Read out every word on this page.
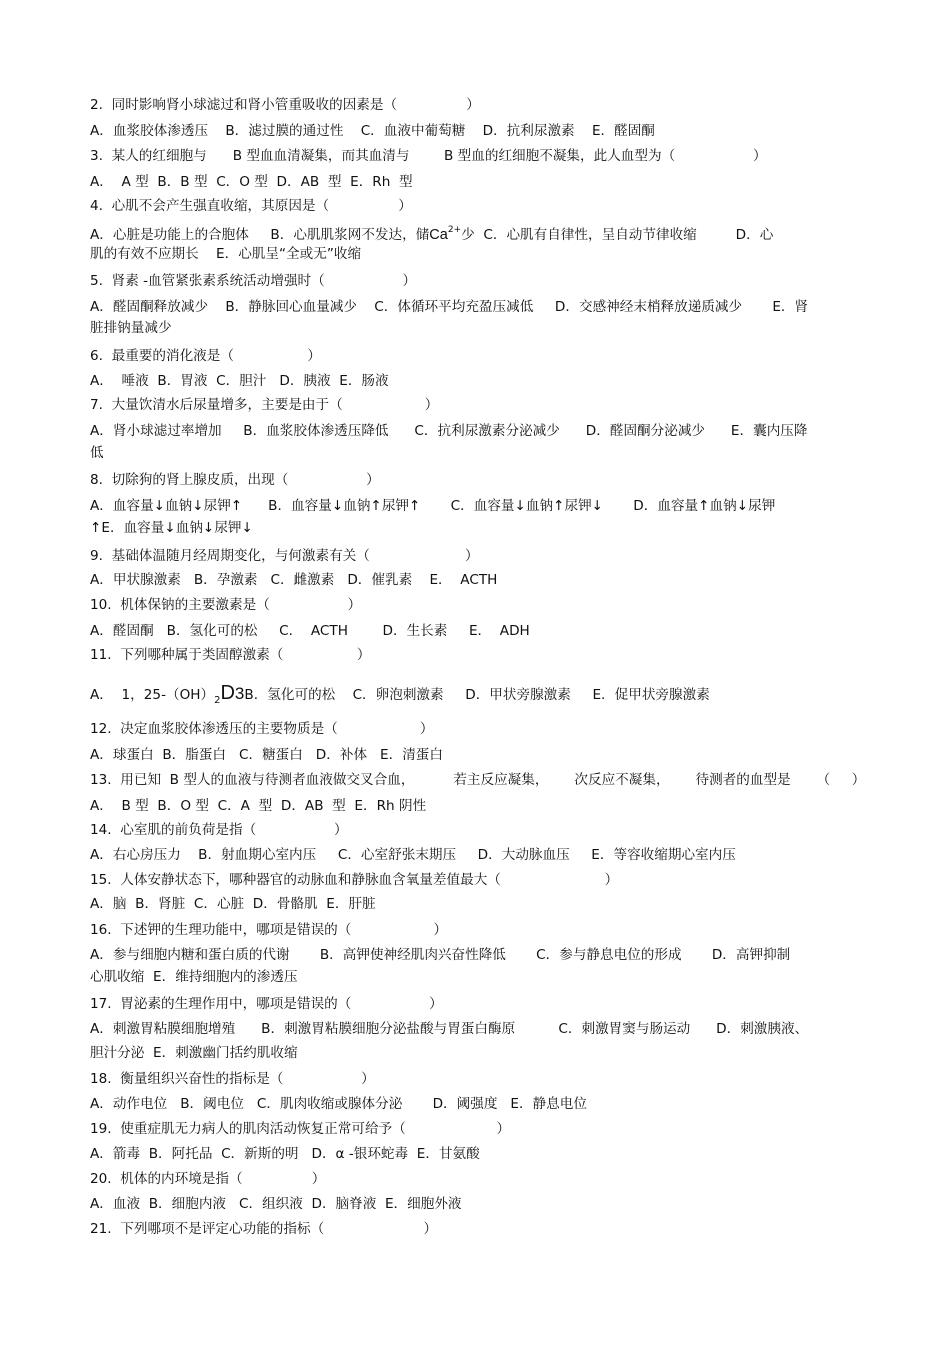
2.  同时影响肾小球滤过和肾小管重吸收的因素是（                ）
A．血浆胶体渗透压    B．滤过膜的通过性    C．血液中葡萄糖    D．抗利尿激素    E．醛固酮
3.  某人的红细胞与      B 型血血清凝集，而其血清与        B 型血的红细胞不凝集，此人血型为（                  ）
A．  A 型  B．B 型  C．O 型  D．AB  型  E．Rh  型
4.  心肌不会产生强直收缩，其原因是（                ）
A．心脏是功能上的合胞体     B．心肌肌浆网不发达，储$Ca^{2+}$少  C．心肌有自律性，呈自动节律收缩         D．心
肌的有效不应期长    E．心肌呈“全或无”收缩
5.  肾素 -血管紧张素系统活动增强时（                  ）
A．醛固酮释放减少    B．静脉回心血量减少    C．体循环平均充盈压减低     D．交感神经末梢释放递质减少       E．肾
脏排钠量减少
6.  最重要的消化液是（                 ）
A．  唾液  B．胃液  C．胆汁   D．胰液  E．肠液
7.  大量饮清水后尿量增多，主要是由于（                   ）
A．肾小球滤过率增加     B．血浆胶体渗透压降低      C．抗利尿激素分泌减少      D．醛固酮分泌减少      E．囊内压降
低
8.  切除狗的肾上腺皮质，出现（                  ）
A．血容量↓血钠↓尿钾↑      B．血容量↓血钠↑尿钾↑       C．血容量↓血钠↑尿钾↓       D．血容量↑血钠↓尿钾
↑E．血容量↓血钠↓尿钾↓
9.  基础体温随月经周期变化，与何激素有关（                      ）
A．甲状腺激素   B．孕激素   C．雌激素   D．催乳素    E．  ACTH
10.  机体保钠的主要激素是（                  ）
A．醛固酮   B．氢化可的松     C．  ACTH        D．生长素     E．  ADH
11.  下列哪种属于类固醇激素（                 ）
A．  1，$25-(OH)_2D3B$．氢化可的松    C．卵泡刺激素     D．甲状旁腺激素     E．促甲状旁腺激素
12.  决定血浆胶体渗透压的主要物质是（                   ）
A．球蛋白  B．脂蛋白   C．糖蛋白   D．补体   E．清蛋白
13.  用已知  B 型人的血液与待测者血液做交叉合血，         若主反应凝集，      次反应不凝集，      待测者的血型是      （     ）
A．  B 型  B．O 型  C．A  型  D．AB  型  E．Rh 阴性
14.  心室肌的前负荷是指（                  ）
A．右心房压力    B．射血期心室内压     C．心室舒张末期压     D．大动脉血压     E．等容收缩期心室内压
15.  人体安静状态下，哪种器官的动脉血和静脉血含氧量差值最大（                        ）
A．脑  B．肾脏  C．心脏  D．骨骼肌  E．肝脏
16.  下述钾的生理功能中，哪项是错误的（                   ）
A．参与细胞内糖和蛋白质的代谢       B．高钾使神经肌肉兴奋性降低       C．参与静息电位的形成       D．高钾抑制
心肌收缩  E．维持细胞内的渗透压
17.  胃泌素的生理作用中，哪项是错误的（                  ）
A．刺激胃粘膜细胞增殖      B．刺激胃粘膜细胞分泌盐酸与胃蛋白酶原          C．刺激胃窦与肠运动      D．刺激胰液、
胆汁分泌  E．刺激幽门括约肌收缩
18.  衡量组织兴奋性的指标是（                  ）
A．动作电位   B．阈电位   C．肌肉收缩或腺体分泌       D．阈强度   E．静息电位
19.  使重症肌无力病人的肌肉活动恢复正常可给予（                     ）
A．箭毒  B．阿托品  C．新斯的明   D．α -银环蛇毒  E．甘氨酸
20.  机体的内环境是指（                ）
A．血液  B．细胞内液   C．组织液  D．脑脊液  E．细胞外液
21.  下列哪项不是评定心功能的指标（                       ）
